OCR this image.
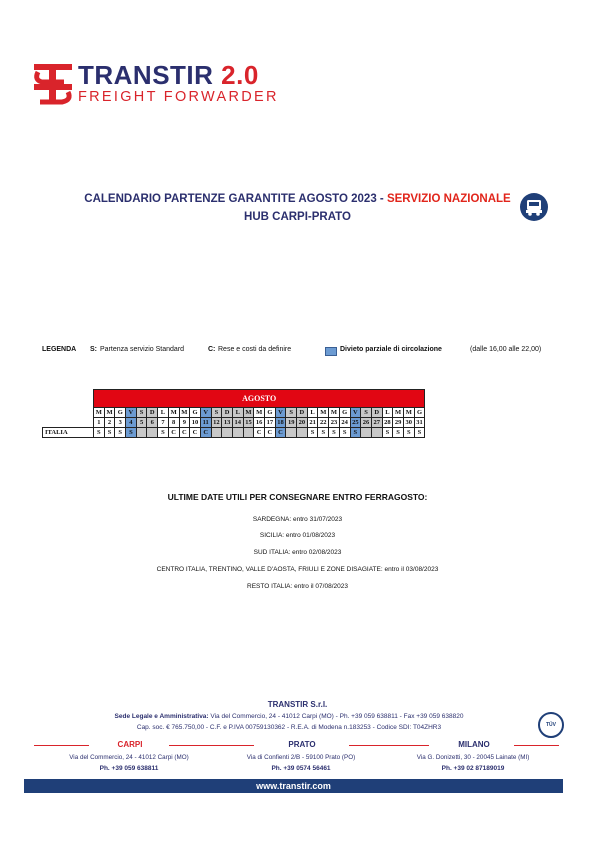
TRANSTIR 2.0
FREIGHT FORWARDER
CALENDARIO PARTENZE GARANTITE AGOSTO 2023 - SERVIZIO NAZIONALE
HUB CARPI-PRATO
LEGENDA S: Partenza servizio Standard	C: Rese e costi da definire	Divieto parziale di circolazione	(dalle 16,00 alle 22,00)
	AGOSTO																														
	M	M	G	V	S	D	L	M	M	G	V	S	D	L	M	M	G	V	S	D	L	M	M	G	V	S	D	L	M	M	G
	1	2	3	4	5	6	7	8	9	10	11	12	13	14	15	16	17	18	19	20	21	22	23	24	25	26	27	28	29	30	31
ITALIA	S	S	S	S			S	C	C	C	C					C	C	C			S	S	S	S	S			S	S	S	S
ULTIME DATE UTILI PER CONSEGNARE ENTRO FERRAGOSTO:
SARDEGNA: entro 31/07/2023
SICILIA: entro 01/08/2023
SUD ITALIA: entro 02/08/2023
CENTRO ITALIA, TRENTINO, VALLE D'AOSTA, FRIULI E ZONE DISAGIATE: entro il 03/08/2023
RESTO ITALIA: entro il 07/08/2023
TRANSTIR S.r.l.
Sede Legale e Amministrativa: Via del Commercio, 24 - 41012 Carpi (MO) - Ph. +39 059 638811 - Fax +39 059 638820
Cap. soc. € 765.750,00 - C.F. e P.IVA 00759130362 - R.E.A. di Modena n.183253 - Codice SDI: T04ZHR3	TÜV
CARPI	PRATO	MILANO
Via del Commercio, 24 - 41012 Carpi (MO)	Via di Confienti 2/B - 59100 Prato (PO)	Via G. Donizetti, 30 - 20045 Lainate (MI)
Ph. +39 059 638811	Ph. +39 0574 56461	Ph. +39 02 87189019
www.transtir.com
